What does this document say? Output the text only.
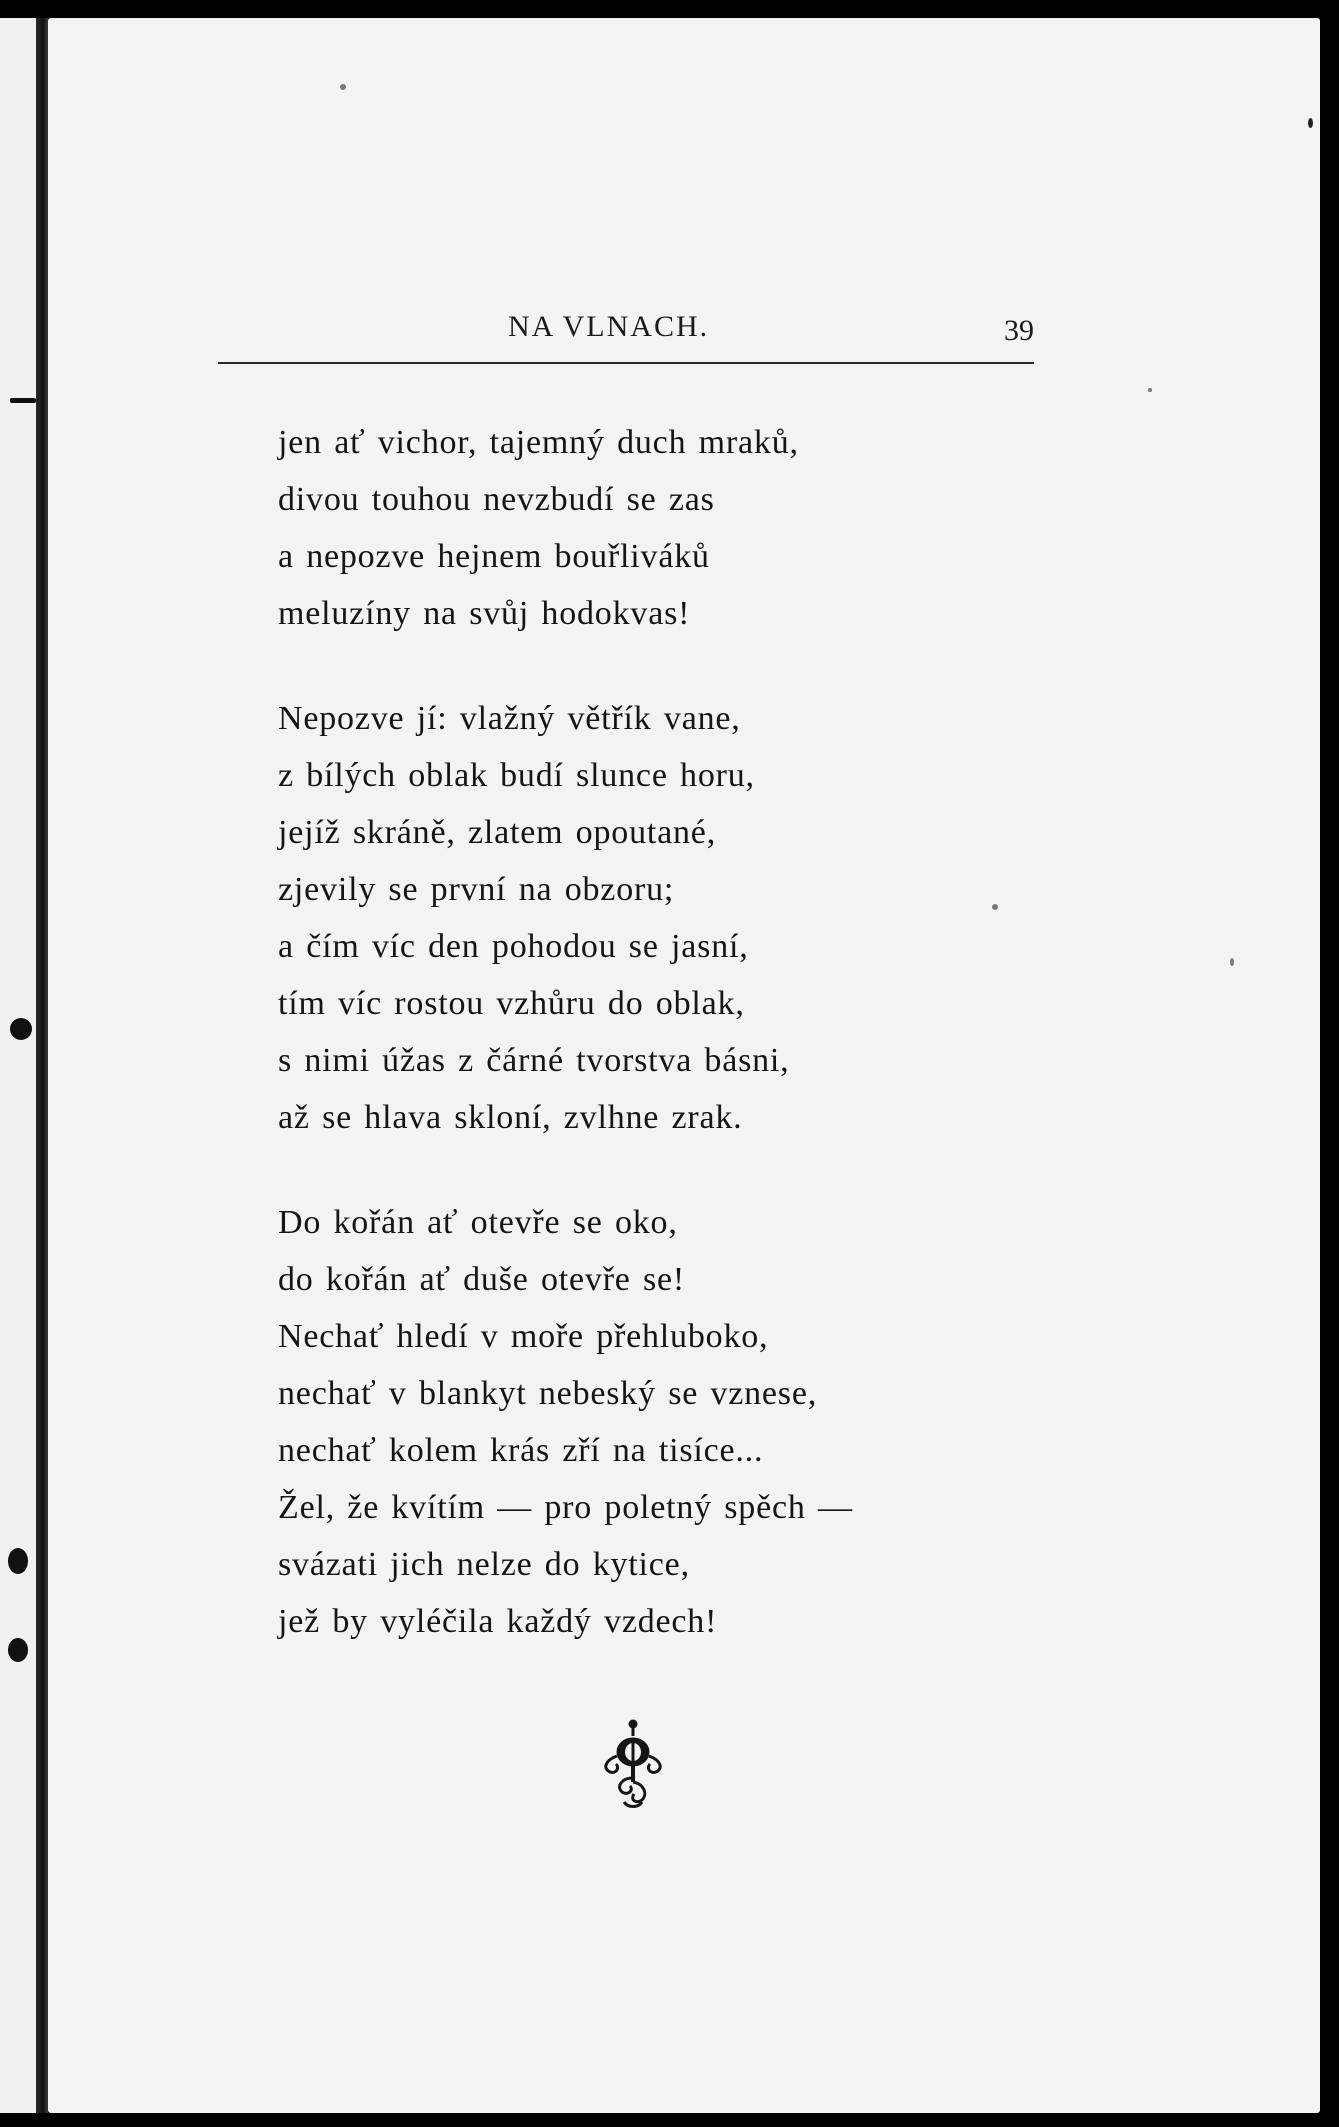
NA VLNACH.	39
jen ať vichor, tajemný duch mraků,
divou touhou nevzbudí se zas
a nepozve hejnem bouřliváků
meluzíny na svůj hodokvas!
Nepozve jí: vlažný větřík vane,
z bílých oblak budí slunce horu,
jejíž skráně, zlatem opoutané,
zjevily se první na obzoru;
a čím víc den pohodou se jasní,
tím víc rostou vzhůru do oblak,
s nimi úžas z čárné tvorstva básni,
až se hlava skloní, zvlhne zrak.
Do kořán ať otevře se oko,
do kořán ať duše otevře se!
Nechať hledí v moře přehluboko,
nechať v blankyt nebeský se vznese,
nechať kolem krás zří na tisíce...
Žel, že kvítím — pro poletný spěch —
svázati jich nelze do kytice,
jež by vyléčila každý vzdech!
